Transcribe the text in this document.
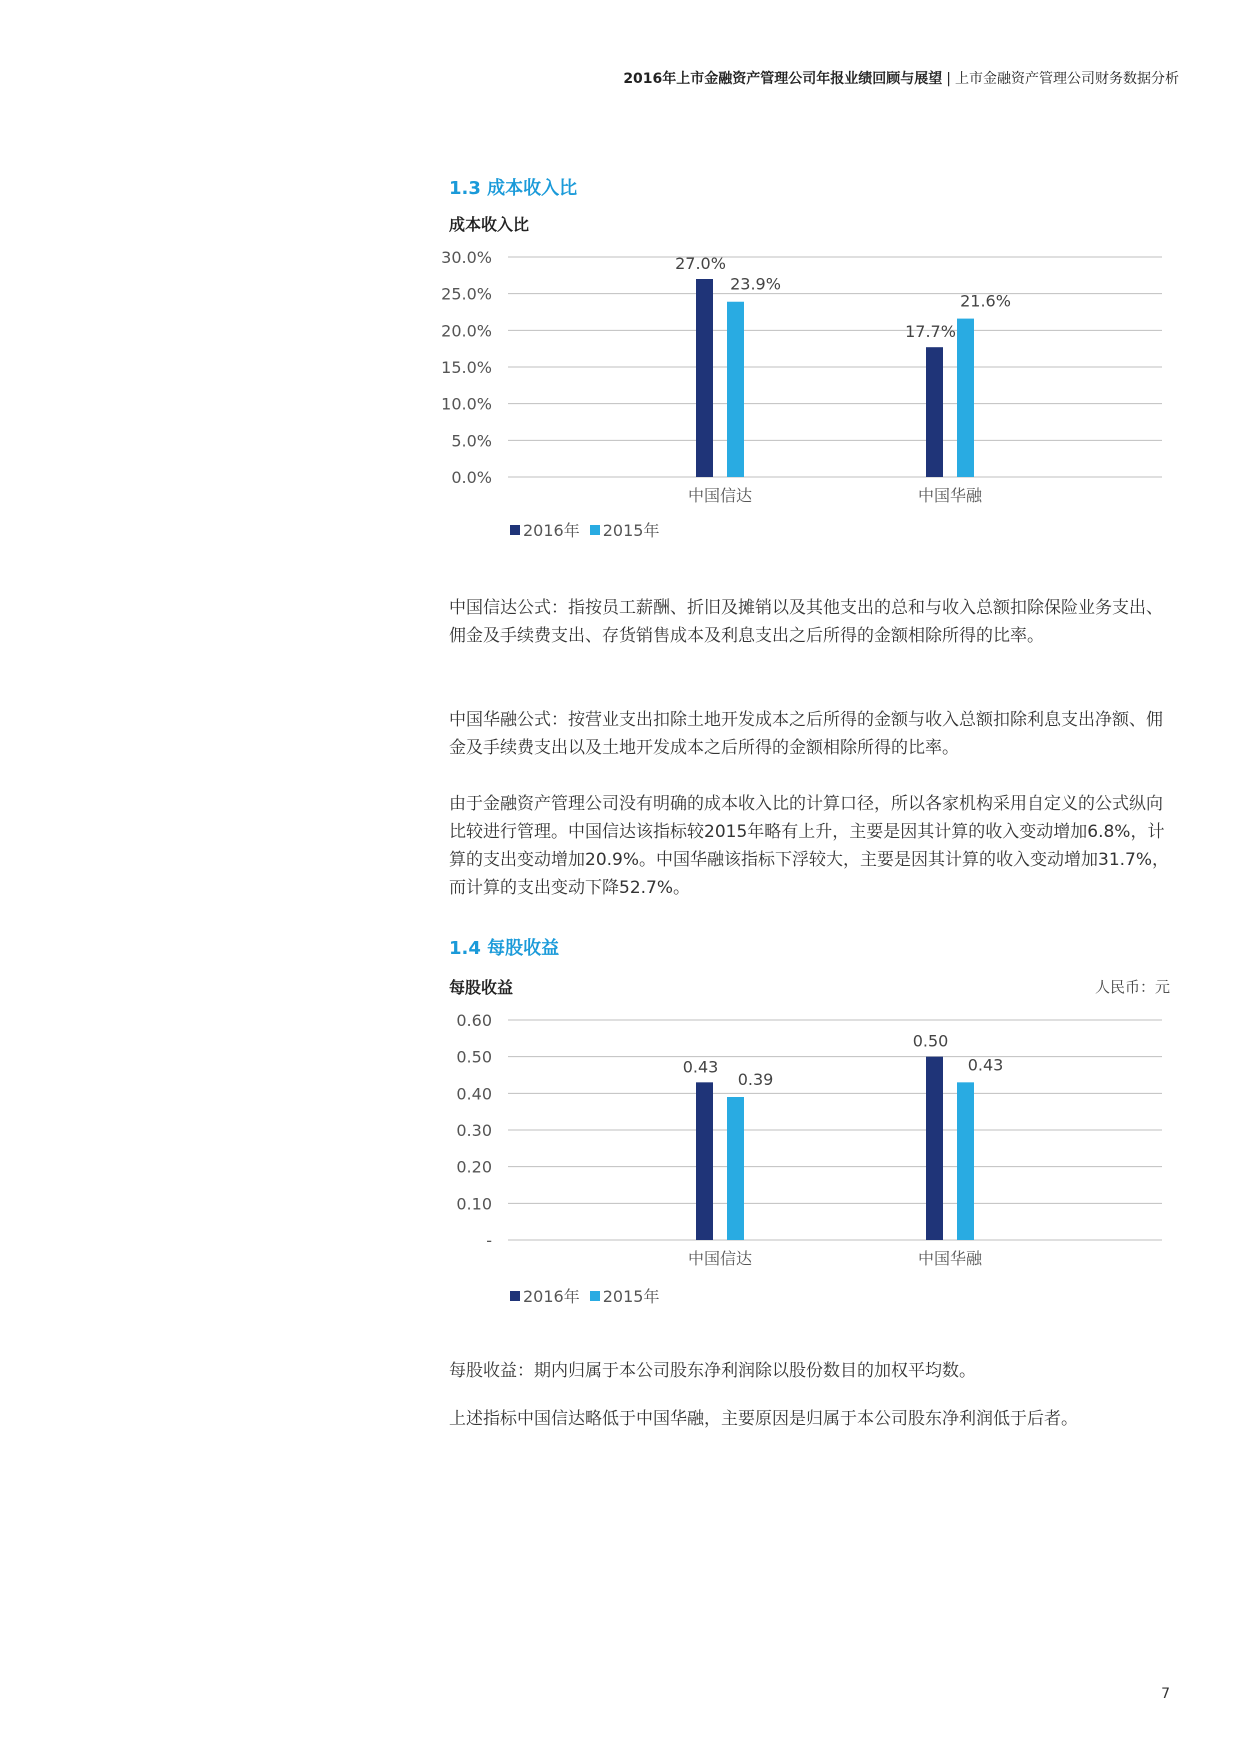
2016年上市金融资产管理公司年报业绩回顾与展望 | 上市金融资产管理公司财务数据分析
1.3 成本收入比
成本收入比
0.0%
5.0%
10.0%
15.0%
20.0%
25.0%
30.0%
中国信达
27.0%
23.9%
中国华融
17.7%
21.6%
2016年 2015年

中国信达公式：指按员工薪酬、折旧及摊销以及其他支出的总和与收入总额扣除保险业务支出、佣金及手续费支出、存货销售成本及利息支出之后所得的金额相除所得的比率。

中国华融公式：按营业支出扣除土地开发成本之后所得的金额与收入总额扣除利息支出净额、佣金及手续费支出以及土地开发成本之后所得的金额相除所得的比率。

由于金融资产管理公司没有明确的成本收入比的计算口径，所以各家机构采用自定义的公式纵向比较进行管理。中国信达该指标较2015年略有上升，主要是因其计算的收入变动增加6.8%，计算的支出变动增加20.9%。中国华融该指标下浮较大，主要是因其计算的收入变动增加31.7%，而计算的支出变动下降52.7%。

1.4 每股收益
每股收益	人民币：元
-
0.10
0.20
0.30
0.40
0.50
0.60
中国信达
0.43
0.39
中国华融
0.50
0.43
2016年 2015年

每股收益：期内归属于本公司股东净利润除以股份数目的加权平均数。

上述指标中国信达略低于中国华融，主要原因是归属于本公司股东净利润低于后者。

7
